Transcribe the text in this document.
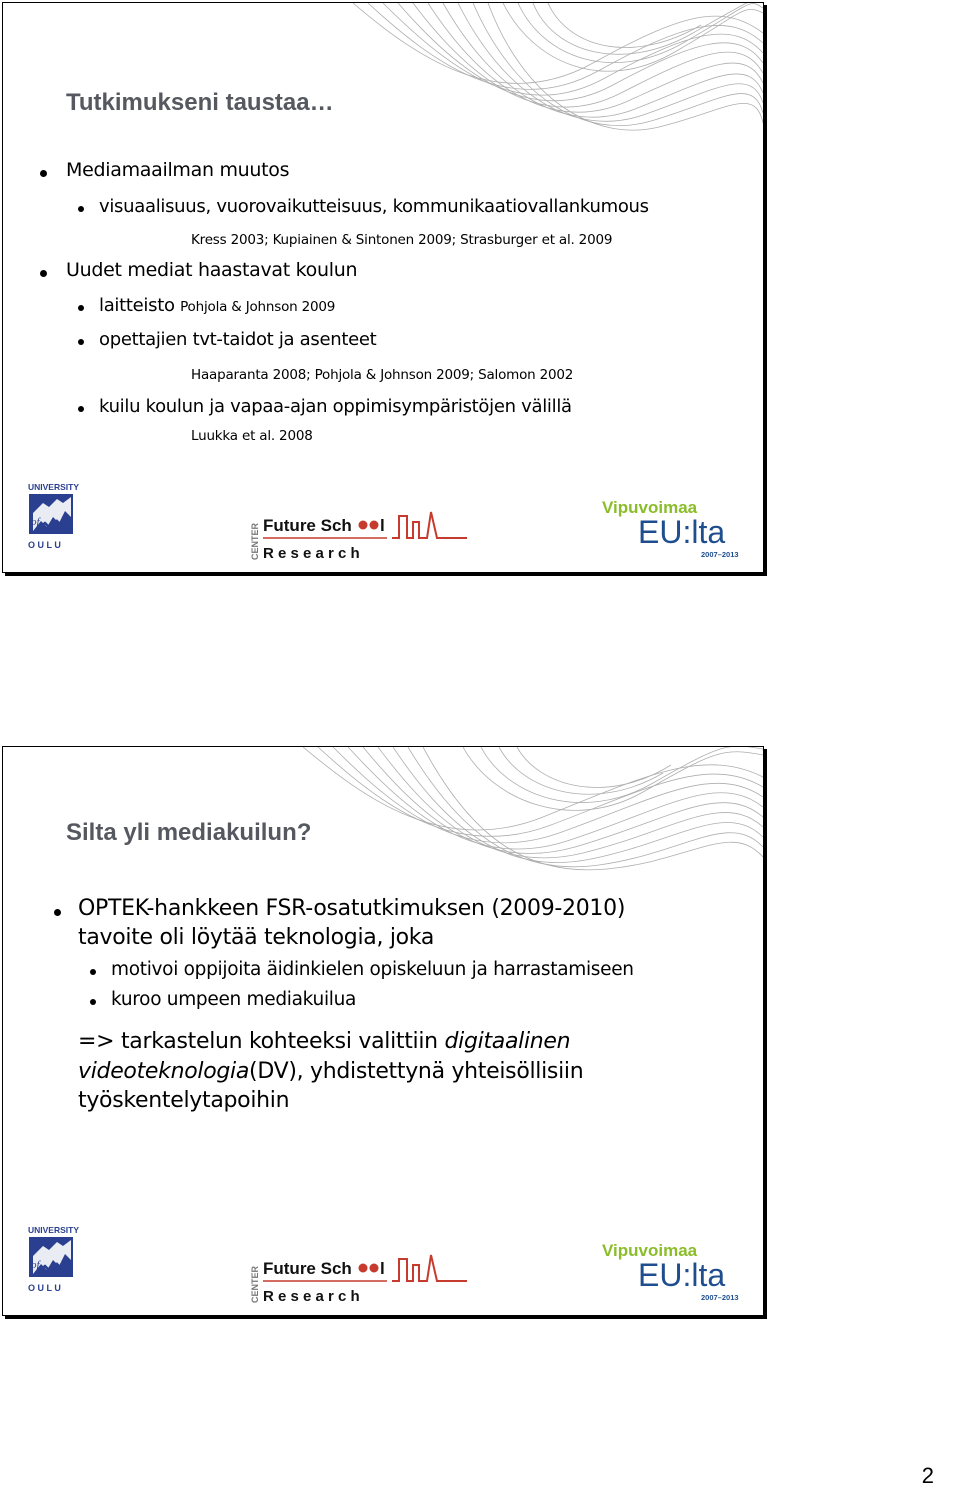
Tutkimukseni taustaa…
Mediamaailman muutos
visuaalisuus, vuorovaikutteisuus, kommunikaatiovallankumous
Kress 2003; Kupiainen & Sintonen 2009; Strasburger et al. 2009
Uudet mediat haastavat koulun
laitteisto Pohjola & Johnson 2009
opettajien tvt-taidot ja asenteet
Haaparanta 2008; Pohjola & Johnson 2009; Salomon 2002
kuilu koulun ja vapaa-ajan oppimisympäristöjen välillä
Luukka et al. 2008
UNIVERSITY
of
O U L U	CENTER Future Sch l
R e s e a r c h
Vipuvoimaa
EU:lta
2007–2013
Silta yli mediakuilun?
OPTEK-hankkeen FSR-osatutkimuksen (2009-2010)
tavoite oli löytää teknologia, joka
motivoi oppijoita äidinkielen opiskeluun ja harrastamiseen
kuroo umpeen mediakuilua
=> tarkastelun kohteeksi valittiin digitaalinen
videoteknologia(DV), yhdistettynä yhteisöllisiin
työskentelytapoihin
UNIVERSITY
of
O U L U	CENTER Future Sch l
R e s e a r c h
Vipuvoimaa
EU:lta
2007–2013
2
